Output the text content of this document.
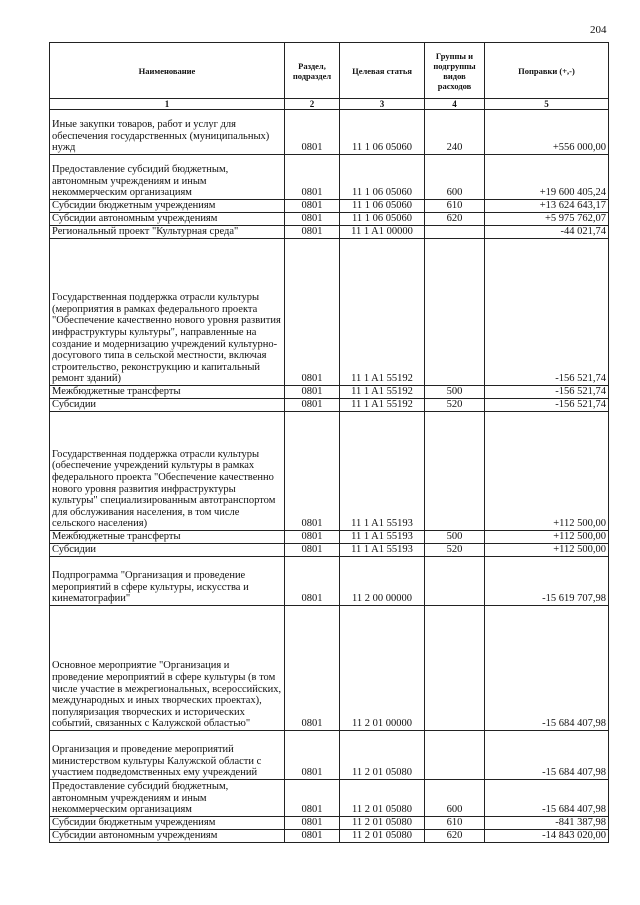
204
Наименование	Раздел, подраздел	Целевая статья	Группы и подгруппы видов расходов	Поправки (+,-)
1	2	3	4	5
Иные закупки товаров, работ и услуг для обеспечения государственных (муниципальных) нужд	0801	11 1 06 05060	240	+556 000,00
Предоставление субсидий бюджетным, автономным учреждениям и иным некоммерческим организациям	0801	11 1 06 05060	600	+19 600 405,24
Субсидии бюджетным учреждениям	0801	11 1 06 05060	610	+13 624 643,17
Субсидии автономным учреждениям	0801	11 1 06 05060	620	+5 975 762,07
Региональный проект "Культурная среда"	0801	11 1 A1 00000		-44 021,74
Государственная поддержка отрасли культуры (мероприятия в рамках федерального проекта "Обеспечение качественно нового уровня развития инфраструктуры культуры", направленные на создание и модернизацию учреждений культурно-досугового типа в сельской местности, включая строительство, реконструкцию и капитальный ремонт зданий)	0801	11 1 A1 55192		-156 521,74
Межбюджетные трансферты	0801	11 1 A1 55192	500	-156 521,74
Субсидии	0801	11 1 A1 55192	520	-156 521,74
Государственная поддержка отрасли культуры (обеспечение учреждений культуры в рамках федерального проекта "Обеспечение качественно нового уровня развития инфраструктуры культуры" специализированным автотранспортом для обслуживания населения, в том числе сельского населения)	0801	11 1 A1 55193		+112 500,00
Межбюджетные трансферты	0801	11 1 A1 55193	500	+112 500,00
Субсидии	0801	11 1 A1 55193	520	+112 500,00
Подпрограмма "Организация и проведение мероприятий в сфере культуры, искусства и кинематографии"	0801	11 2 00 00000		-15 619 707,98
Основное мероприятие "Организация и проведение мероприятий в сфере культуры (в том числе участие в межрегиональных, всероссийских, международных и иных творческих проектах), популяризация творческих и исторических событий, связанных с Калужской областью"	0801	11 2 01 00000		-15 684 407,98
Организация и проведение мероприятий министерством культуры Калужской области с участием подведомственных ему учреждений	0801	11 2 01 05080		-15 684 407,98
Предоставление субсидий бюджетным, автономным учреждениям и иным некоммерческим организациям	0801	11 2 01 05080	600	-15 684 407,98
Субсидии бюджетным учреждениям	0801	11 2 01 05080	610	-841 387,98
Субсидии автономным учреждениям	0801	11 2 01 05080	620	-14 843 020,00
